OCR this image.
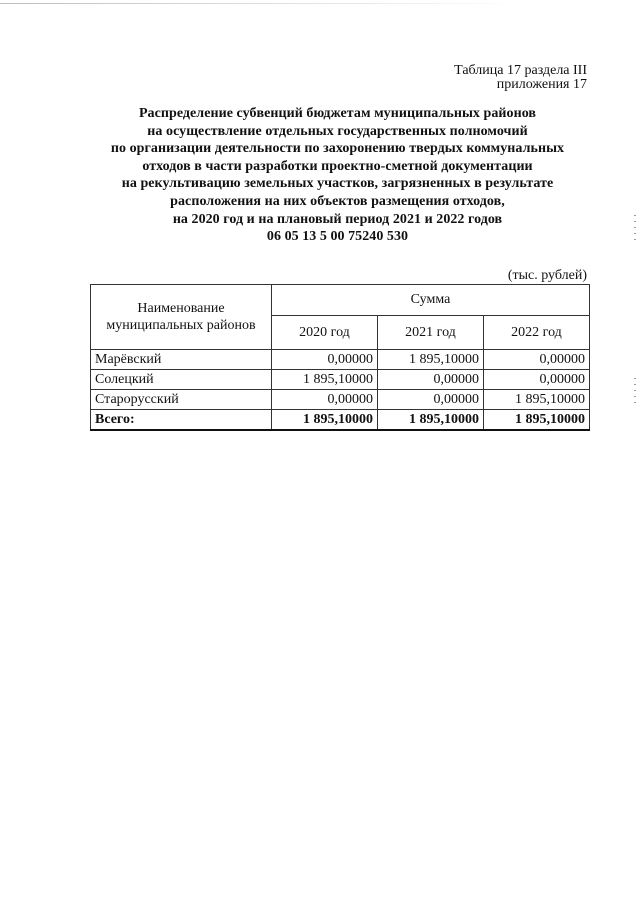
Таблица 17 раздела III
приложения 17
Распределение субвенций бюджетам муниципальных районов
на осуществление отдельных государственных полномочий
по организации деятельности по захоронению твердых коммунальных
отходов в части разработки проектно-сметной документации
на рекультивацию земельных участков, загрязненных в результате
расположения на них объектов размещения отходов,
на 2020 год и на плановый период 2021 и 2022 годов
06 05 13 5 00 75240 530
(тыс. рублей)
Наименование муниципальных районов	Сумма		
	2020 год	2021 год	2022 год
Марёвский	0,00000	1 895,10000	0,00000
Солецкий	1 895,10000	0,00000	0,00000
Старорусский	0,00000	0,00000	1 895,10000
Всего:	1 895,10000	1 895,10000	1 895,10000
